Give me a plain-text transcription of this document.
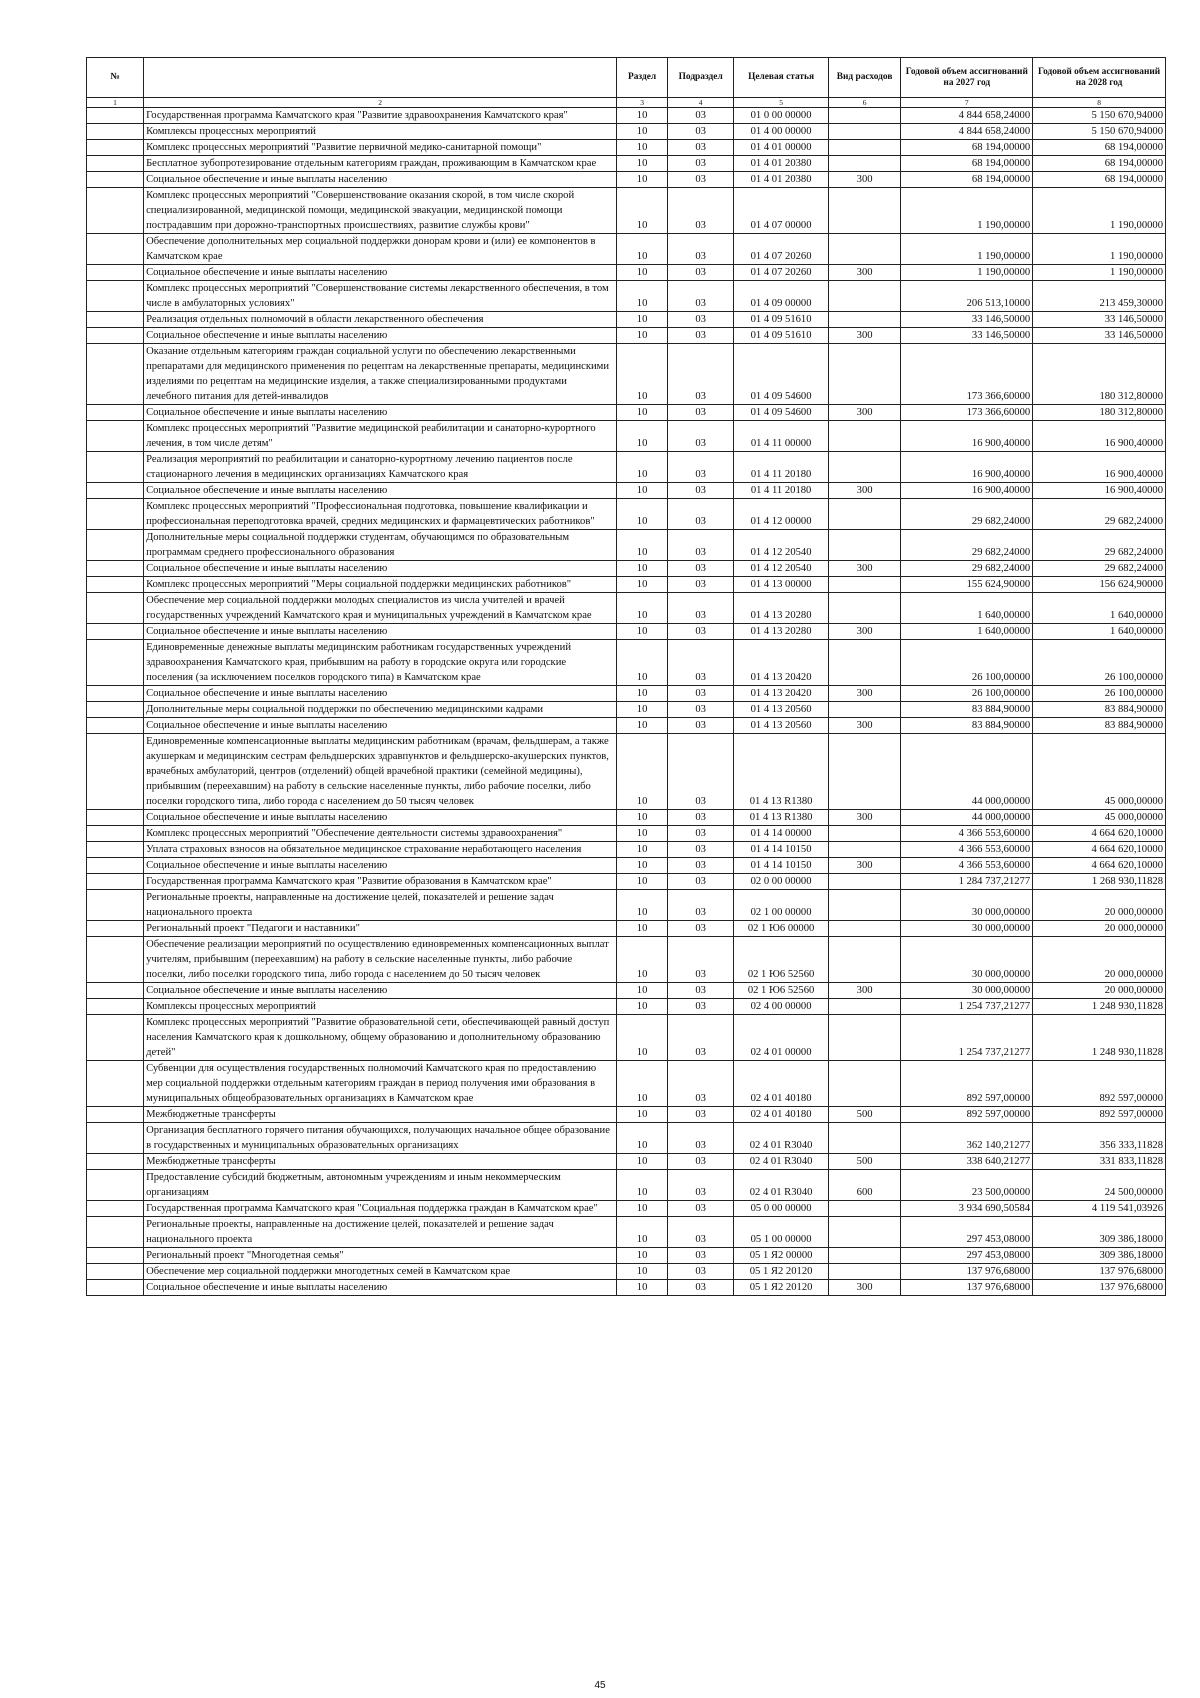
№		Раздел	Подраздел	Целевая статья	Вид расходов	Годовой объем ассигнований на 2027 год	Годовой объем ассигнований на 2028 год
1	2	3	4	5	6	7	8
	Государственная программа Камчатского края "Развитие здравоохранения Камчатского края"	10	03	01 0 00 00000		4 844 658,24000	5 150 670,94000
	Комплексы процессных мероприятий	10	03	01 4 00 00000		4 844 658,24000	5 150 670,94000
	Комплекс процессных мероприятий "Развитие первичной медико-санитарной помощи"	10	03	01 4 01 00000		68 194,00000	68 194,00000
	Бесплатное зубопротезирование отдельным категориям граждан, проживающим в Камчатском крае	10	03	01 4 01 20380		68 194,00000	68 194,00000
	Социальное обеспечение и иные выплаты населению	10	03	01 4 01 20380	300	68 194,00000	68 194,00000
	Комплекс процессных мероприятий "Совершенствование оказания скорой, в том числе скорой специализированной, медицинской помощи, медицинской эвакуации, медицинской помощи пострадавшим при дорожно-транспортных происшествиях, развитие службы крови"	10	03	01 4 07 00000		1 190,00000	1 190,00000
	Обеспечение дополнительных мер социальной поддержки донорам крови и (или) ее компонентов в Камчатском крае	10	03	01 4 07 20260		1 190,00000	1 190,00000
	Социальное обеспечение и иные выплаты населению	10	03	01 4 07 20260	300	1 190,00000	1 190,00000
	Комплекс процессных мероприятий "Совершенствование системы лекарственного обеспечения, в том числе в амбулаторных условиях"	10	03	01 4 09 00000		206 513,10000	213 459,30000
	Реализация отдельных полномочий в области лекарственного обеспечения	10	03	01 4 09 51610		33 146,50000	33 146,50000
	Социальное обеспечение и иные выплаты населению	10	03	01 4 09 51610	300	33 146,50000	33 146,50000
	Оказание отдельным категориям граждан социальной услуги по обеспечению лекарственными препаратами для медицинского применения по рецептам на лекарственные препараты, медицинскими изделиями по рецептам на медицинские изделия, а также специализированными продуктами лечебного питания для детей-инвалидов	10	03	01 4 09 54600		173 366,60000	180 312,80000
	Социальное обеспечение и иные выплаты населению	10	03	01 4 09 54600	300	173 366,60000	180 312,80000
	Комплекс процессных мероприятий "Развитие медицинской реабилитации и санаторно-курортного лечения, в том числе детям"	10	03	01 4 11 00000		16 900,40000	16 900,40000
	Реализация мероприятий по реабилитации и санаторно-курортному лечению пациентов после стационарного лечения в медицинских организациях Камчатского края	10	03	01 4 11 20180		16 900,40000	16 900,40000
	Социальное обеспечение и иные выплаты населению	10	03	01 4 11 20180	300	16 900,40000	16 900,40000
	Комплекс процессных мероприятий "Профессиональная подготовка, повышение квалификации и профессиональная переподготовка врачей, средних медицинских и фармацевтических работников"	10	03	01 4 12 00000		29 682,24000	29 682,24000
	Дополнительные меры социальной поддержки студентам, обучающимся по образовательным программам среднего профессионального образования	10	03	01 4 12 20540		29 682,24000	29 682,24000
	Социальное обеспечение и иные выплаты населению	10	03	01 4 12 20540	300	29 682,24000	29 682,24000
	Комплекс процессных мероприятий "Меры социальной поддержки медицинских работников"	10	03	01 4 13 00000		155 624,90000	156 624,90000
	Обеспечение мер социальной поддержки молодых специалистов из числа учителей и врачей государственных учреждений Камчатского края и муниципальных учреждений в Камчатском крае	10	03	01 4 13 20280		1 640,00000	1 640,00000
	Социальное обеспечение и иные выплаты населению	10	03	01 4 13 20280	300	1 640,00000	1 640,00000
	Единовременные денежные выплаты медицинским работникам государственных учреждений здравоохранения Камчатского края, прибывшим на работу в городские округа или городские поселения (за исключением поселков городского типа) в Камчатском крае	10	03	01 4 13 20420		26 100,00000	26 100,00000
	Социальное обеспечение и иные выплаты населению	10	03	01 4 13 20420	300	26 100,00000	26 100,00000
	Дополнительные меры социальной поддержки по обеспечению медицинскими кадрами	10	03	01 4 13 20560		83 884,90000	83 884,90000
	Социальное обеспечение и иные выплаты населению	10	03	01 4 13 20560	300	83 884,90000	83 884,90000
	Единовременные компенсационные выплаты медицинским работникам (врачам, фельдшерам, а также акушеркам и медицинским сестрам фельдшерских здравпунктов и фельдшерско-акушерских пунктов, врачебных амбулаторий, центров (отделений) общей врачебной практики (семейной медицины), прибывшим (переехавшим) на работу в сельские населенные пункты, либо рабочие поселки, либо поселки городского типа, либо города с населением до 50 тысяч человек	10	03	01 4 13 R1380		44 000,00000	45 000,00000
	Социальное обеспечение и иные выплаты населению	10	03	01 4 13 R1380	300	44 000,00000	45 000,00000
	Комплекс процессных мероприятий "Обеспечение деятельности системы здравоохранения"	10	03	01 4 14 00000		4 366 553,60000	4 664 620,10000
	Уплата страховых взносов на обязательное медицинское страхование неработающего населения	10	03	01 4 14 10150		4 366 553,60000	4 664 620,10000
	Социальное обеспечение и иные выплаты населению	10	03	01 4 14 10150	300	4 366 553,60000	4 664 620,10000
	Государственная программа Камчатского края "Развитие образования в Камчатском крае"	10	03	02 0 00 00000		1 284 737,21277	1 268 930,11828
	Региональные проекты, направленные на достижение целей, показателей и решение задач национального проекта	10	03	02 1 00 00000		30 000,00000	20 000,00000
	Региональный проект "Педагоги и наставники"	10	03	02 1 Ю6 00000		30 000,00000	20 000,00000
	Обеспечение реализации мероприятий по осуществлению единовременных компенсационных выплат учителям, прибывшим (переехавшим) на работу в сельские населенные пункты, либо рабочие поселки, либо поселки городского типа, либо города с населением до 50 тысяч человек	10	03	02 1 Ю6 52560		30 000,00000	20 000,00000
	Социальное обеспечение и иные выплаты населению	10	03	02 1 Ю6 52560	300	30 000,00000	20 000,00000
	Комплексы процессных мероприятий	10	03	02 4 00 00000		1 254 737,21277	1 248 930,11828
	Комплекс процессных мероприятий "Развитие образовательной сети, обеспечивающей равный доступ населения Камчатского края к дошкольному, общему образованию и дополнительному образованию детей"	10	03	02 4 01 00000		1 254 737,21277	1 248 930,11828
	Субвенции для осуществления государственных полномочий Камчатского края по предоставлению мер социальной поддержки отдельным категориям граждан в период получения ими образования в муниципальных общеобразовательных организациях в Камчатском крае	10	03	02 4 01 40180		892 597,00000	892 597,00000
	Межбюджетные трансферты	10	03	02 4 01 40180	500	892 597,00000	892 597,00000
	Организация бесплатного горячего питания обучающихся, получающих начальное общее образование в государственных и муниципальных образовательных организациях	10	03	02 4 01 R3040		362 140,21277	356 333,11828
	Межбюджетные трансферты	10	03	02 4 01 R3040	500	338 640,21277	331 833,11828
	Предоставление субсидий бюджетным, автономным учреждениям и иным некоммерческим организациям	10	03	02 4 01 R3040	600	23 500,00000	24 500,00000
	Государственная программа Камчатского края "Социальная поддержка граждан в Камчатском крае"	10	03	05 0 00 00000		3 934 690,50584	4 119 541,03926
	Региональные проекты, направленные на достижение целей, показателей и решение задач национального проекта	10	03	05 1 00 00000		297 453,08000	309 386,18000
	Региональный проект "Многодетная семья"	10	03	05 1 Я2 00000		297 453,08000	309 386,18000
	Обеспечение мер социальной поддержки многодетных семей в Камчатском крае	10	03	05 1 Я2 20120		137 976,68000	137 976,68000
	Социальное обеспечение и иные выплаты населению	10	03	05 1 Я2 20120	300	137 976,68000	137 976,68000
45
